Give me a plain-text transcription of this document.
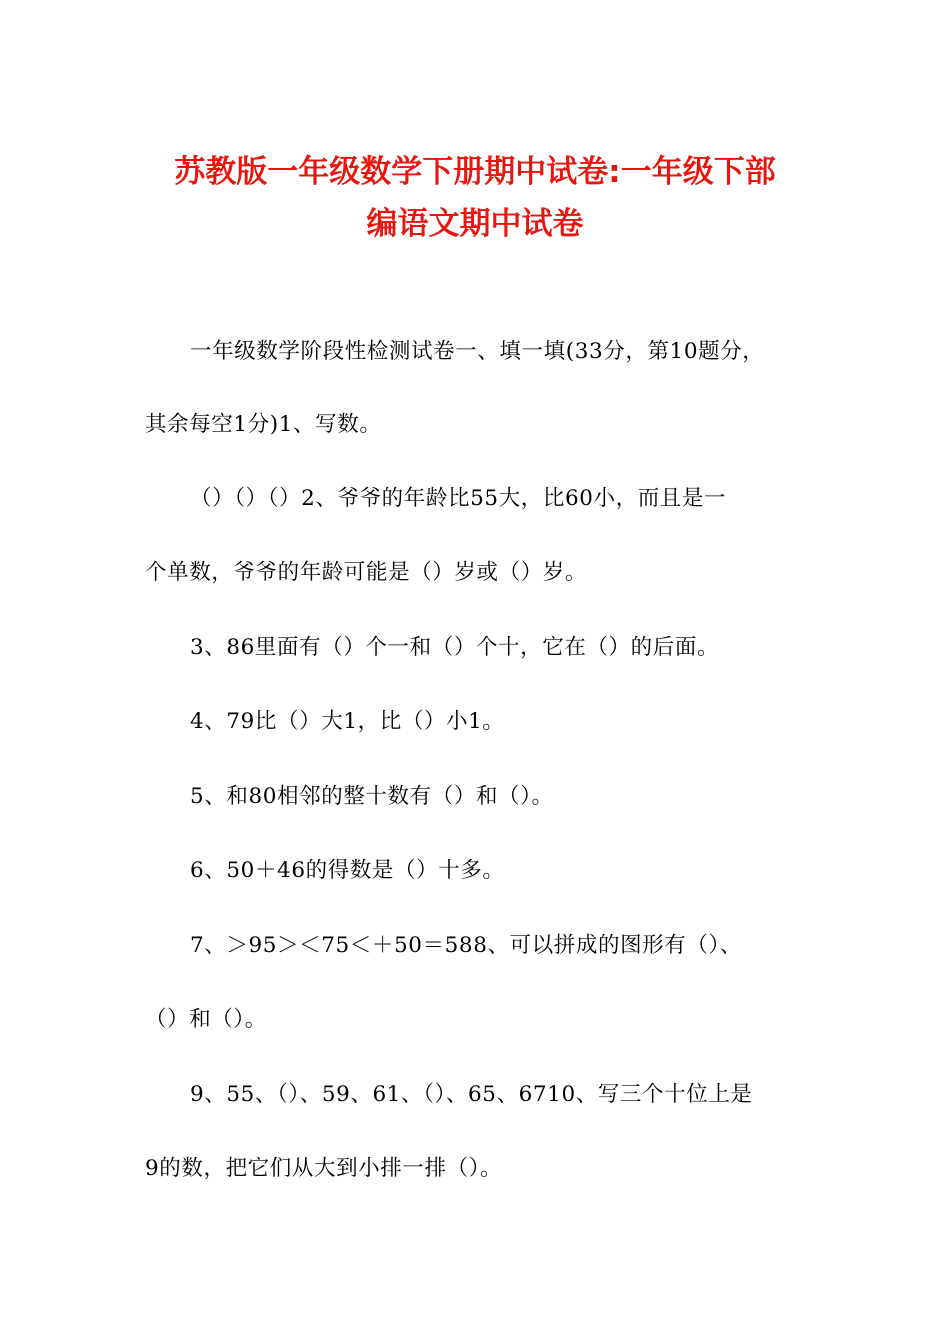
苏教版一年级数学下册期中试卷:一年级下部
编语文期中试卷

一年级数学阶段性检测试卷一、填一填(33分，第10题分，

其余每空1分)1、写数。

（）（）（）2、爷爷的年龄比55大，比60小，而且是一

个单数，爷爷的年龄可能是（）岁或（）岁。

3、86里面有（）个一和（）个十，它在（）的后面。

4、79比（）大1，比（）小1。

5、和80相邻的整十数有（）和（）。

6、50＋46的得数是（）十多。

7、＞95＞＜75＜＋50＝588、可以拼成的图形有（）、

（）和（）。

9、55、（）、59、61、（）、65、6710、写三个十位上是

9的数，把它们从大到小排一排（）。
